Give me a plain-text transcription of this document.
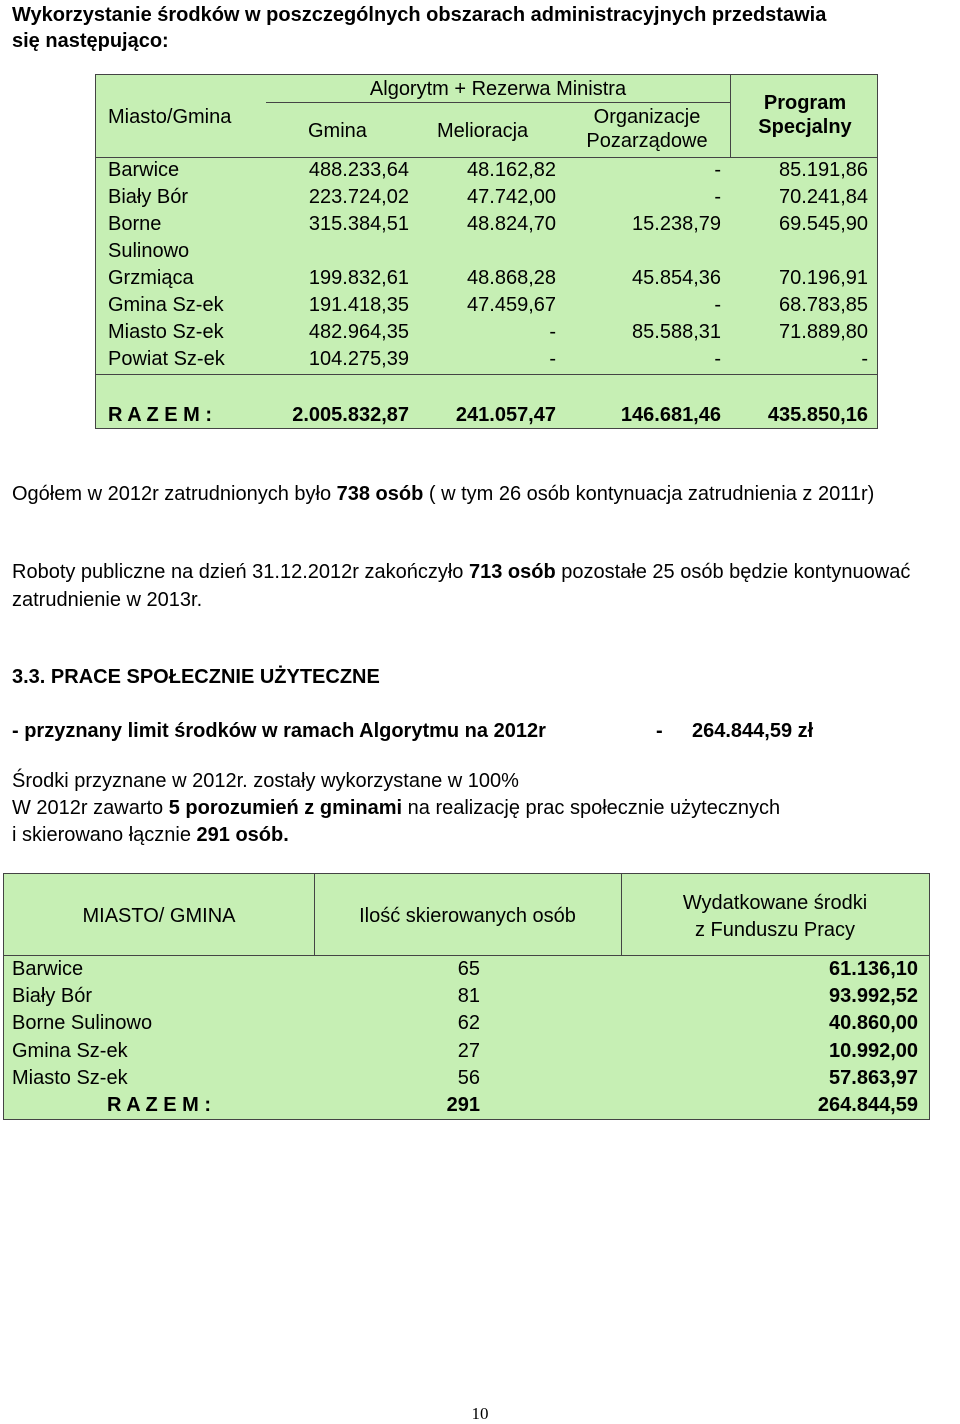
Wykorzystanie środków w poszczególnych obszarach administracyjnych przedstawia
się następująco:
Miasto/Gmina
Algorytm + Rezerwa Ministra
Gmina	Melioracja
Organizacje
Pozarządowe
Program
Specjalny
Barwice	488.233,64	48.162,82	-	85.191,86
Biały Bór	223.724,02	47.742,00	-	70.241,84
Borne	315.384,51	48.824,70	15.238,79	69.545,90
Sulinowo
Grzmiąca	199.832,61	48.868,28	45.854,36	70.196,91
Gmina Sz-ek	191.418,35	47.459,67	-	68.783,85
Miasto Sz-ek	482.964,35	-	85.588,31	71.889,80
Powiat Sz-ek	104.275,39	-	-	-
R A Z E M :	2.005.832,87	241.057,47	146.681,46	435.850,16
Ogółem w 2012r zatrudnionych było 738 osób ( w tym 26 osób kontynuacja zatrudnienia z 2011r)
Roboty publiczne na dzień 31.12.2012r zakończyło 713 osób pozostałe 25 osób będzie kontynuować zatrudnienie w 2013r.
3.3. PRACE SPOŁECZNIE UŻYTECZNE
- przyznany limit środków w ramach Algorytmu na 2012r	- 264.844,59 zł
Środki przyznane w 2012r. zostały wykorzystane w 100%
W 2012r zawarto 5 porozumień z gminami na realizację prac społecznie użytecznych
i skierowano łącznie 291 osób.
MIASTO/ GMINA	Ilość skierowanych osób
Wydatkowane środki
z Funduszu Pracy
Barwice	65	61.136,10
Biały Bór	81	93.992,52
Borne Sulinowo	62	40.860,00
Gmina Sz-ek	27	10.992,00
Miasto Sz-ek	56	57.863,97
R A Z E M :	291	264.844,59
10
